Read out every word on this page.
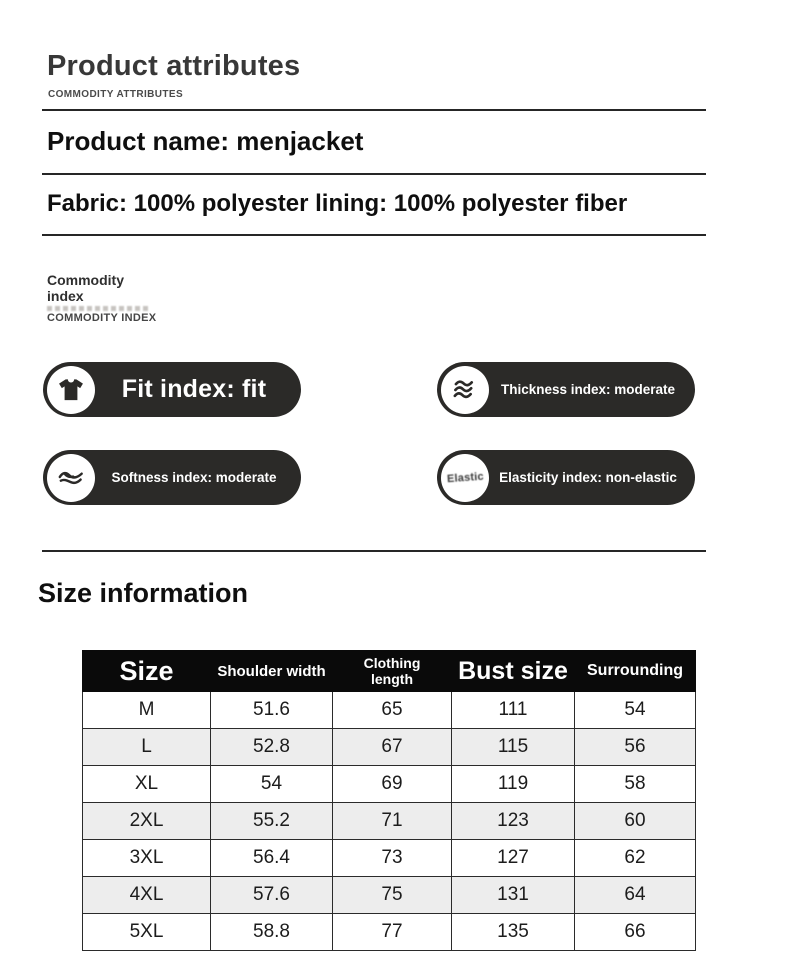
Product attributes
COMMODITY ATTRIBUTES
Product name: menjacket
Fabric: 100% polyester lining: 100% polyester fiber
Commodity index
COMMODITY INDEX
Fit index: fit	Thickness index: moderate
Softness index: moderate	Elastic	Elasticity index: non-elastic
Size information
Size	Shoulder width	Clothing length	Bust size	Surrounding
M	51.6	65	111	54
L	52.8	67	115	56
XL	54	69	119	58
2XL	55.2	71	123	60
3XL	56.4	73	127	62
4XL	57.6	75	131	64
5XL	58.8	77	135	66
